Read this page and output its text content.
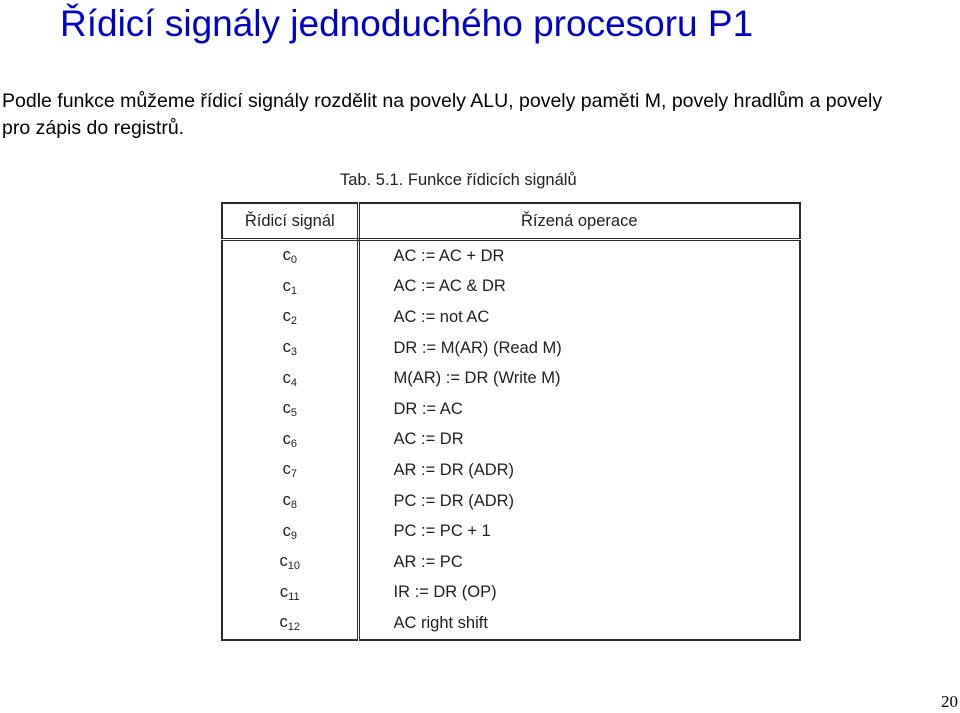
Řídicí signály jednoduchého procesoru P1

Podle funkce můžeme řídicí signály rozdělit na povely ALU, povely paměti M, povely hradlům a povely pro zápis do registrů.

Tab. 5.1. Funkce řídicích signálů

Řídicí signál	Řízená operace
$c_0$	AC := AC + DR
$c_1$	AC := AC & DR
$c_2$	AC := not AC
$c_3$	DR := M(AR) (Read M)
$c_4$	M(AR) := DR (Write M)
$c_5$	DR := AC
$c_6$	AC := DR
$c_7$	AR := DR (ADR)
$c_8$	PC := DR (ADR)
$c_9$	PC := PC + 1
$c_{10}$	AR := PC
$c_{11}$	IR := DR (OP)
$c_{12}$	AC right shift

20
